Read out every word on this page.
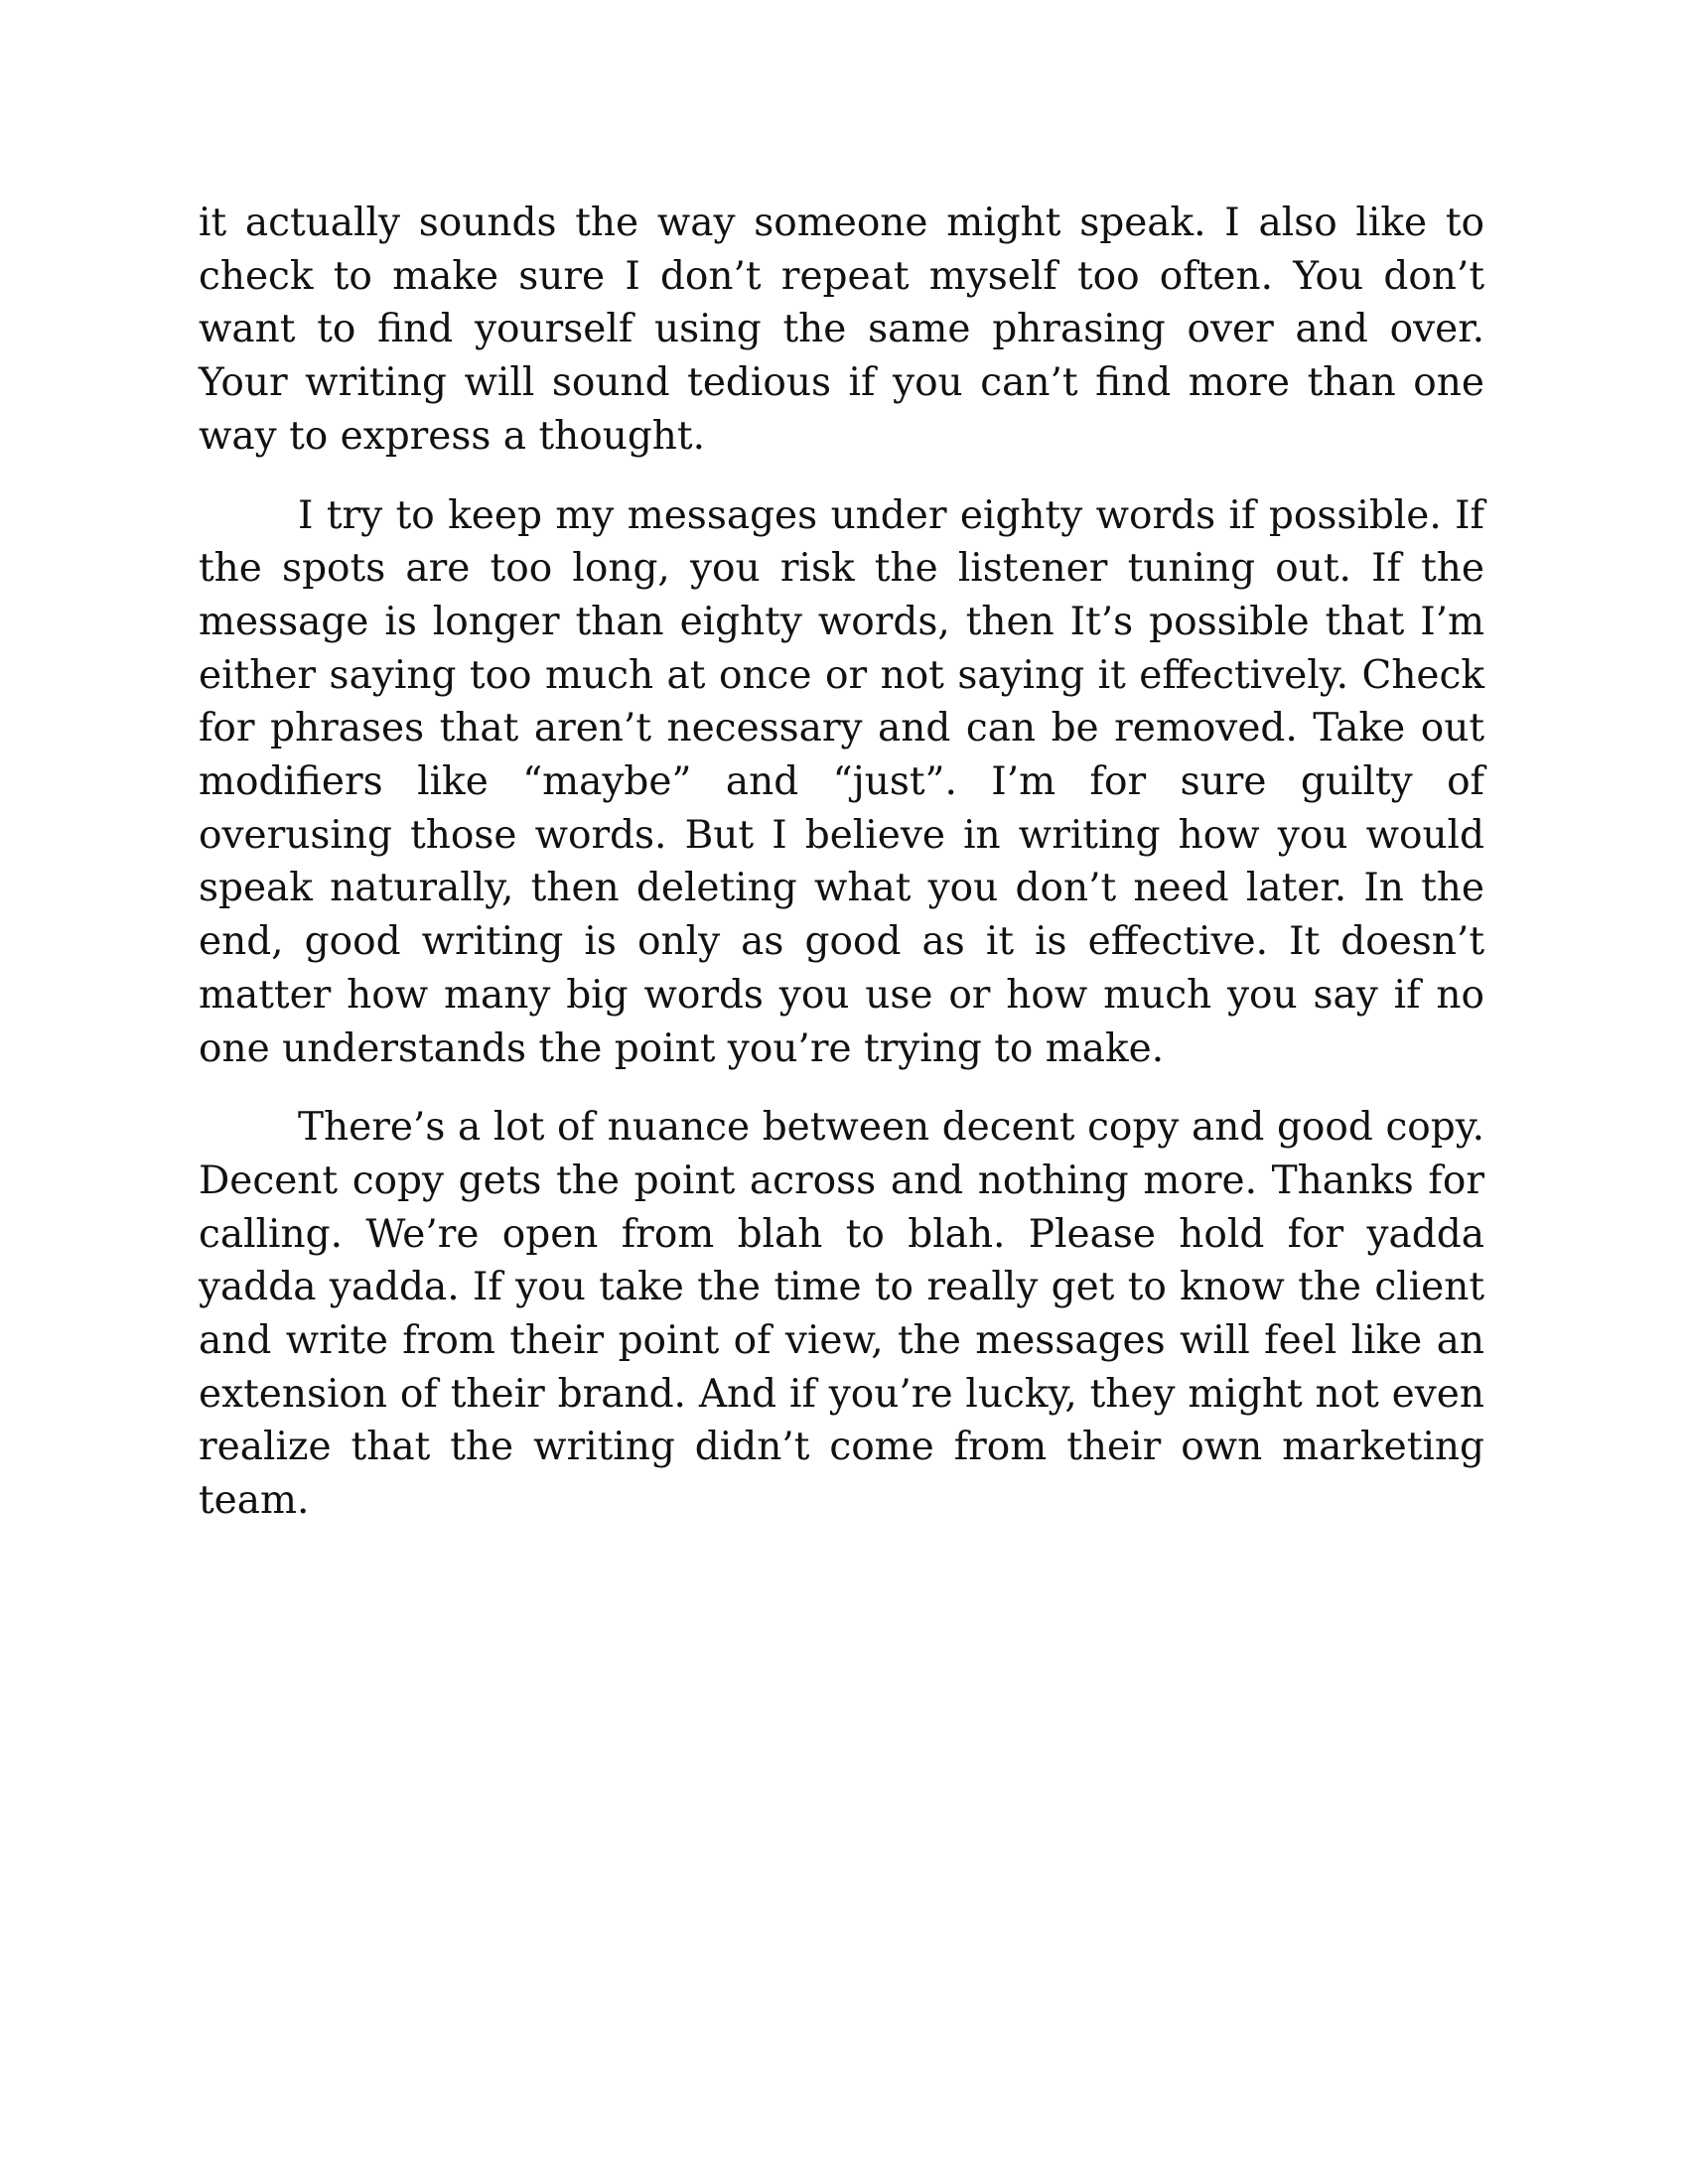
it actually sounds the way someone might speak. I also like to check to make sure I don’t repeat myself too often. You don’t want to find yourself using the same phrasing over and over. Your writing will sound tedious if you can’t find more than one way to express a thought.

I try to keep my messages under eighty words if possible. If the spots are too long, you risk the listener tuning out. If the message is longer than eighty words, then It’s possible that I’m either saying too much at once or not saying it effectively. Check for phrases that aren’t necessary and can be removed. Take out modifiers like “maybe” and “just”. I’m for sure guilty of overusing those words. But I believe in writing how you would speak naturally, then deleting what you don’t need later. In the end, good writing is only as good as it is effective. It doesn’t matter how many big words you use or how much you say if no one understands the point you’re trying to make.

There’s a lot of nuance between decent copy and good copy. Decent copy gets the point across and nothing more. Thanks for calling. We’re open from blah to blah. Please hold for yadda yadda yadda. If you take the time to really get to know the client and write from their point of view, the messages will feel like an extension of their brand. And if you’re lucky, they might not even realize that the writing didn’t come from their own marketing team.
